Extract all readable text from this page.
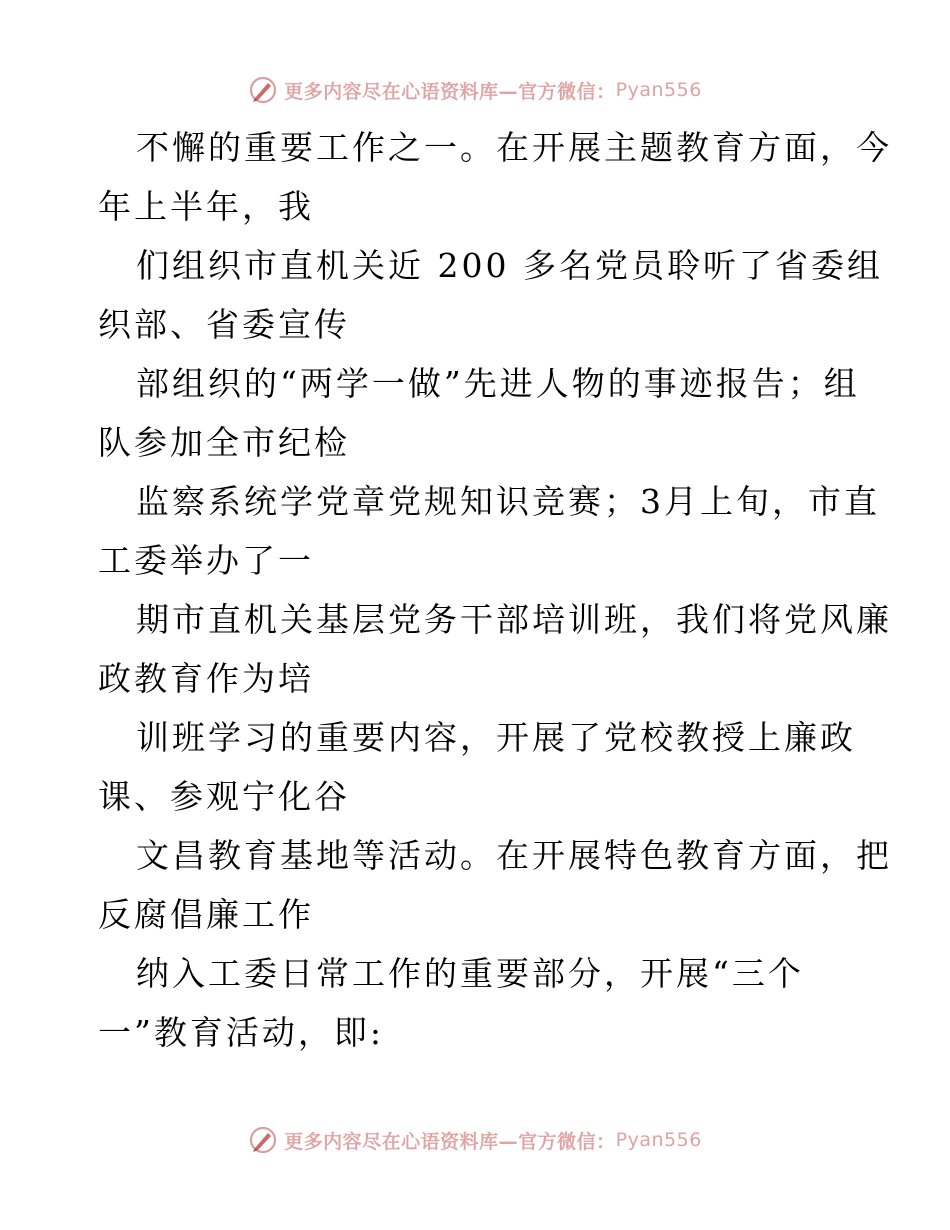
更多内容尽在心语资料库—官方微信： Pyan556
不懈的重要工作之一。在开展主题教育方面，今
年上半年，我
们组织市直机关近 200 多名党员聆听了省委组
织部、省委宣传
部组织的“两学一做”先进人物的事迹报告；组
队参加全市纪检
监察系统学党章党规知识竞赛；3月上旬，市直
工委举办了一
期市直机关基层党务干部培训班，我们将党风廉
政教育作为培
训班学习的重要内容，开展了党校教授上廉政
课、参观宁化谷
文昌教育基地等活动。在开展特色教育方面，把
反腐倡廉工作
纳入工委日常工作的重要部分，开展“三个
一”教育活动，即:
更多内容尽在心语资料库—官方微信： Pyan556
